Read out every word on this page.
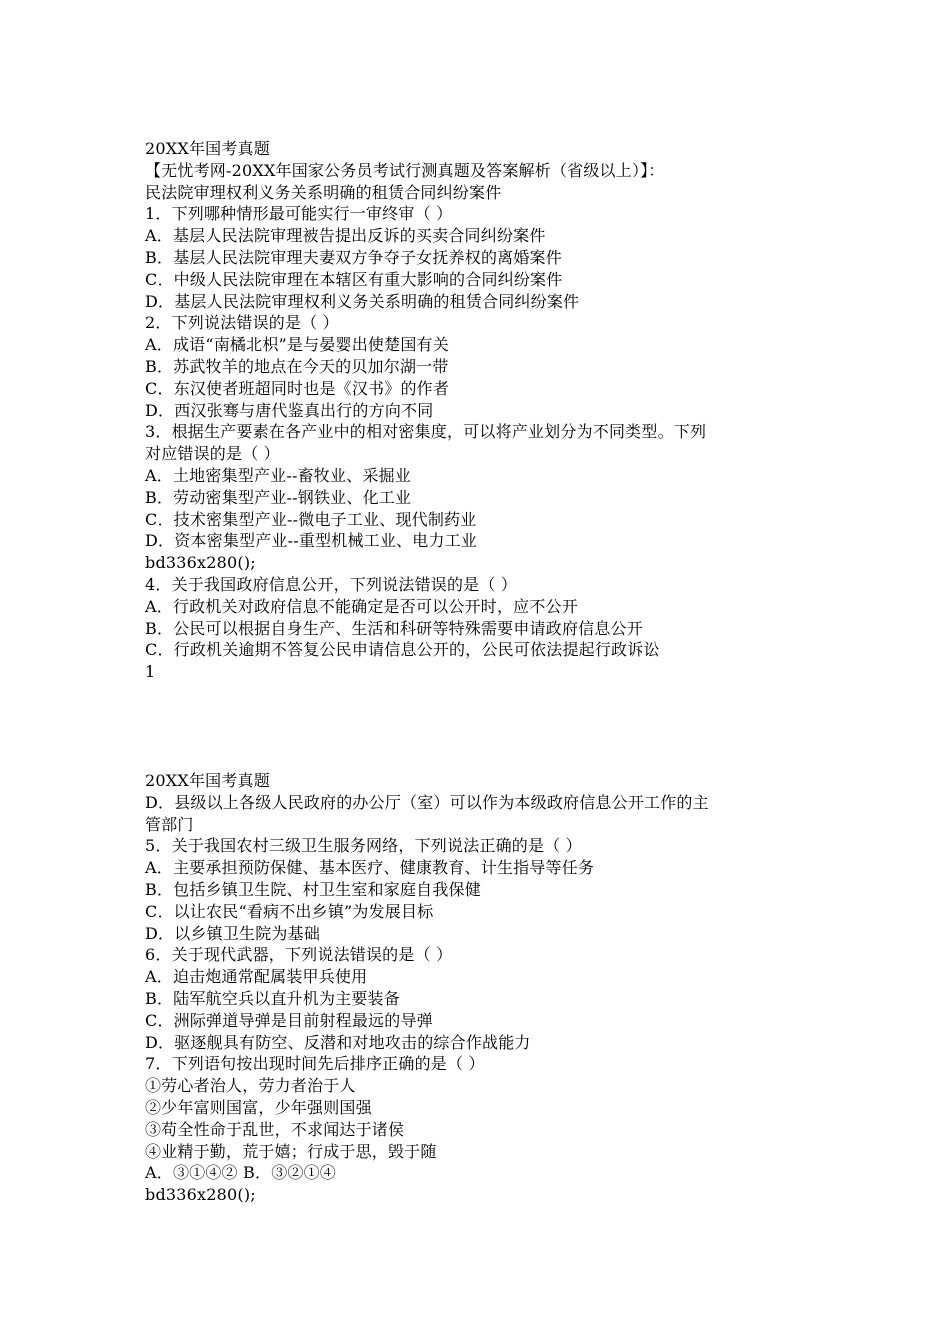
20XX年国考真题
【无忧考网-20XX年国家公务员考试行测真题及答案解析（省级以上）】：
民法院审理权利义务关系明确的租赁合同纠纷案件
1．下列哪种情形最可能实行一审终审（ ）
A．基层人民法院审理被告提出反诉的买卖合同纠纷案件
B．基层人民法院审理夫妻双方争夺子女抚养权的离婚案件
C．中级人民法院审理在本辖区有重大影响的合同纠纷案件
D．基层人民法院审理权利义务关系明确的租赁合同纠纷案件
2．下列说法错误的是（ ）
A．成语“南橘北枳”是与晏婴出使楚国有关
B．苏武牧羊的地点在今天的贝加尔湖一带
C．东汉使者班超同时也是《汉书》的作者
D．西汉张骞与唐代鉴真出行的方向不同
3．根据生产要素在各产业中的相对密集度，可以将产业划分为不同类型。下列
对应错误的是（ ）
A．土地密集型产业--畜牧业、采掘业
B．劳动密集型产业--钢铁业、化工业
C．技术密集型产业--微电子工业、现代制药业
D．资本密集型产业--重型机械工业、电力工业
bd336x280();
4．关于我国政府信息公开，下列说法错误的是（ ）
A．行政机关对政府信息不能确定是否可以公开时，应不公开
B．公民可以根据自身生产、生活和科研等特殊需要申请政府信息公开
C．行政机关逾期不答复公民申请信息公开的，公民可依法提起行政诉讼
1
20XX年国考真题
D．县级以上各级人民政府的办公厅（室）可以作为本级政府信息公开工作的主
管部门
5．关于我国农村三级卫生服务网络，下列说法正确的是（ ）
A．主要承担预防保健、基本医疗、健康教育、计生指导等任务
B．包括乡镇卫生院、村卫生室和家庭自我保健
C．以让农民“看病不出乡镇”为发展目标
D．以乡镇卫生院为基础
6．关于现代武器，下列说法错误的是（ ）
A．迫击炮通常配属装甲兵使用
B．陆军航空兵以直升机为主要装备
C．洲际弹道导弹是目前射程最远的导弹
D．驱逐舰具有防空、反潜和对地攻击的综合作战能力
7．下列语句按出现时间先后排序正确的是（ ）
①劳心者治人，劳力者治于人
②少年富则国富，少年强则国强
③苟全性命于乱世，不求闻达于诸侯
④业精于勤，荒于嬉；行成于思，毁于随
A．③①④② B．③②①④
bd336x280();
